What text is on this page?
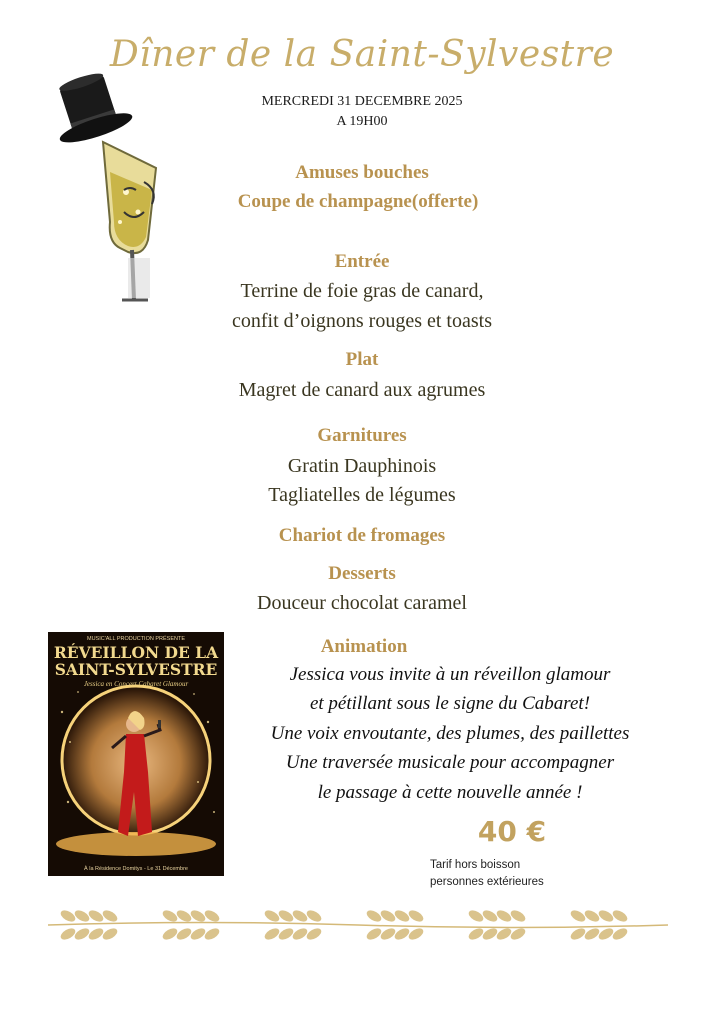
Dîner de la Saint-Sylvestre
MERCREDI 31 DECEMBRE 2025
A 19H00
Amuses bouches
Coupe de champagne(offerte)
Entrée
Terrine de foie gras de canard,
confit d’oignons rouges et toasts
Plat
Magret de canard aux agrumes
Garnitures
Gratin Dauphinois
Tagliatelles de légumes
Chariot de fromages
Desserts
Douceur chocolat caramel
MUSIC'ALL PRODUCTION PRÉSENTE
RÉVEILLON DE LA
SAINT-SYLVESTRE
Jessica en Concert Cabaret Glamour
À la Résidence Domitys - Le 31 Décembre
Animation
Jessica vous invite à un réveillon glamour
et pétillant sous le signe du Cabaret!
Une voix envoutante, des plumes, des paillettes
Une traversée musicale pour accompagner
le passage à cette nouvelle année !
40 €
Tarif hors boisson
personnes extérieures
